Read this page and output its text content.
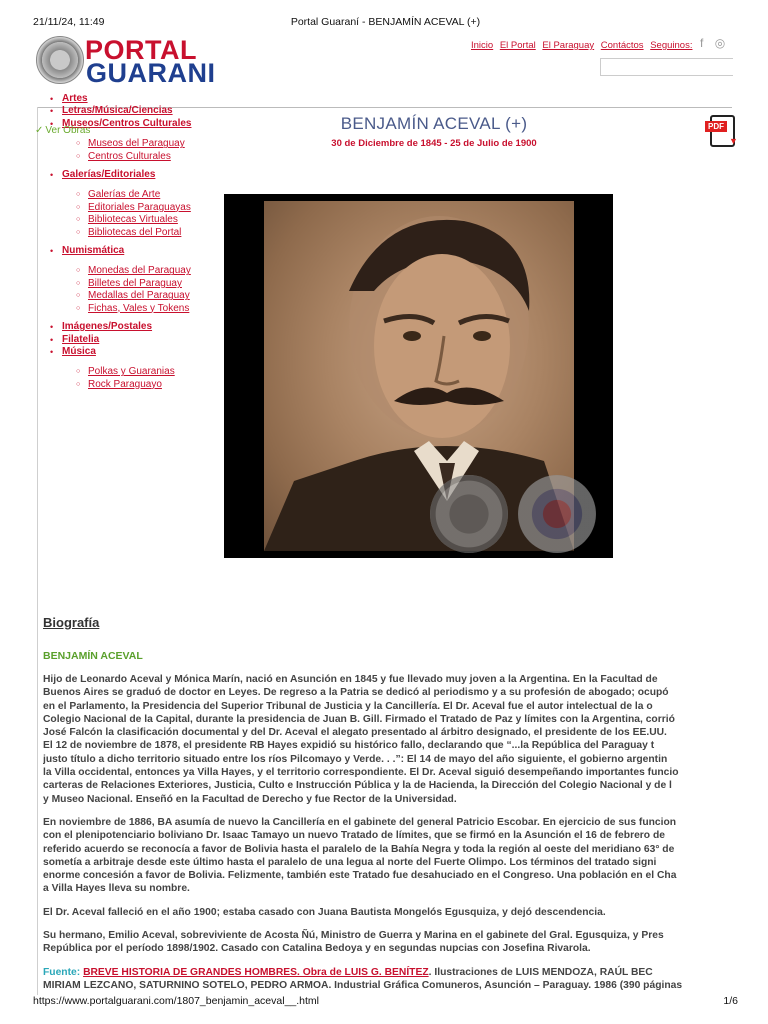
21/11/24, 11:49	Portal Guaraní - BENJAMÍN ACEVAL (+)
https://www.portalguarani.com/1807_benjamin_aceval__.html	1/6
PORTAL
GUARANI
Inicio El Portal El Paraguay Contáctos Seguinos: f ◎
• Artes
• Letras/Música/Ciencias
• Museos/Centros Culturales
○ Museos del Paraguay
○ Centros Culturales
• Galerías/Editoriales
○ Galerías de Arte
○ Editoriales Paraguayas
○ Bibliotecas Virtuales
○ Bibliotecas del Portal
• Numismática
○ Monedas del Paraguay
○ Billetes del Paraguay
○ Medallas del Paraguay
○ Fichas, Vales y Tokens
• Imágenes/Postales
• Filatelia
• Música
○ Polkas y Guaranias
○ Rock Paraguayo
✓ Ver Obras	BENJAMÍN ACEVAL (+)
30 de Diciembre de 1845 - 25 de Julio de 1900
PDF
▼
Biografía
BENJAMÍN ACEVAL

Hijo de Leonardo Aceval y Mónica Marín, nació en Asunción en 1845 y fue llevado muy joven a la Argentina. En la Facultad de
Buenos Aires se graduó de doctor en Leyes. De regreso a la Patria se dedicó al periodismo y a su profesión de abogado; ocupó
en el Parlamento, la Presidencia del Superior Tribunal de Justicia y la Cancillería. El Dr. Aceval fue el autor intelectual de la o
Colegio Nacional de la Capital, durante la presidencia de Juan B. Gill. Firmado el Tratado de Paz y límites con la Argentina, corrió
José Falcón la clasificación documental y del Dr. Aceval el alegato presentado al árbitro designado, el presidente de los EE.UU.
El 12 de noviembre de 1878, el presidente RB Hayes expidió su histórico fallo, declarando que “...la República del Paraguay t
justo título a dicho territorio situado entre los ríos Pilcomayo y Verde. . .”: El 14 de mayo del año siguiente, el gobierno argentin
la Villa occidental, entonces ya Villa Hayes, y el territorio correspondiente. El Dr. Aceval siguió desempeñando importantes funcio
carteras de Relaciones Exteriores, Justicia, Culto e Instrucción Pública y la de Hacienda, la Dirección del Colegio Nacional y de l
y Museo Nacional. Enseñó en la Facultad de Derecho y fue Rector de la Universidad.

En noviembre de 1886, BA asumía de nuevo la Cancillería en el gabinete del general Patricio Escobar. En ejercicio de sus funcion
con el plenipotenciario boliviano Dr. Isaac Tamayo un nuevo Tratado de límites, que se firmó en la Asunción el 16 de febrero de
referido acuerdo se reconocía a favor de Bolivia hasta el paralelo de la Bahía Negra y toda la región al oeste del meridiano 63° de
sometía a arbitraje desde este último hasta el paralelo de una legua al norte del Fuerte Olimpo. Los términos del tratado signi
enorme concesión a favor de Bolivia. Felizmente, también este Tratado fue desahuciado en el Congreso. Una población en el Cha
a Villa Hayes lleva su nombre.

El Dr. Aceval falleció en el año 1900; estaba casado con Juana Bautista Mongelós Egusquiza, y dejó descendencia.

Su hermano, Emilio Aceval, sobreviviente de Acosta Ñú, Ministro de Guerra y Marina en el gabinete del Gral. Egusquiza, y Pres
República por el período 1898/1902. Casado con Catalina Bedoya y en segundas nupcias con Josefina Rivarola.

Fuente: BREVE HISTORIA DE GRANDES HOMBRES. Obra de LUIS G. BENÍTEZ. Ilustraciones de LUIS MENDOZA, RAÚL BEC
MIRIAM LEZCANO, SATURNINO SOTELO, PEDRO ARMOA. Industrial Gráfica Comuneros, Asunción – Paraguay. 1986 (390 páginas
